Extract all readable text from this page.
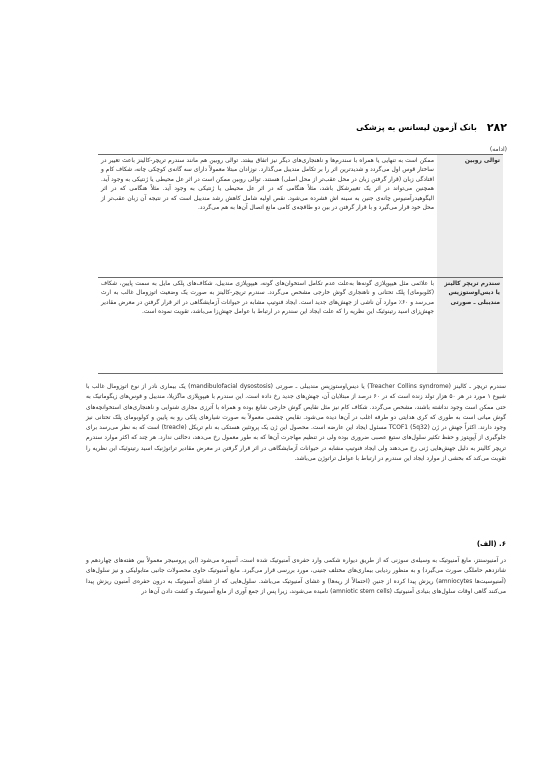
۲۸۲
بانک آزمون لیسانس به پزشکی
(ادامه)
توالی روبین	ممکن است به تنهایی یا همراه با سندرم‌ها و ناهنجاری‌های دیگر نیز اتفاق بیفتد. توالی روبین هم مانند سندرم تریچر-کالینز باعث تغییر در ساختار قوس اول می‌گردد و شدیدترین اثر را بر تکامل مندیبل می‌گذارد. نوزادان مبتلا معمولاً دارای سه گانه‌ی کوچکی چانه، شکاف کام و افتادگی زبان (قرار گرفتن زبان در محل عقب‌تر از محل اصلی) هستند. توالی روبین ممکن است در اثر عل محیطی یا ژنتیکی به وجود آید. همچنین می‌تواند در اثر یک تغییرشکل باشد، مثلاً هنگامی که در اثر عل محیطی یا ژنتیکی به وجود آید. مثلاً هنگامی که در اثر الیگوهیدرآمنیوس چانه‌ی جنین به سینه اش فشرده می‌شود. نقص اولیه شامل کاهش رشد مندیبل است که در نتیجه آن زبان عقب‌تر از محل خود قرار می‌گیرد و با قرار گرفتن در بین دو طاقچه‌ی کامی مانع اتصال آن‌ها به هم می‌گردد.
سندرم تریچر کالینز یا دیس‌اوستوزیس مندیبلی ـ صورتی	با علائمی مثل هیپوپلازی گونه‌ها به‌علت عدم تکامل استخوان‌های گونه، هیپوپلازی مندیبل، شکاف‌های پلکی مایل به سمت پایین، شکاف (کلوبومای) پلک تحتانی و ناهنجاری گوش خارجی مشخص می‌گردد. سندرم تریچر-کالینز به صورت یک وضعیت اتوزومال غالب به ارث می‌رسد و ۶۰٪ موارد آن ناشی از جهش‌های جدید است. ایجاد فنوتیپ مشابه در حیوانات آزمایشگاهی در اثر قرار گرفتن در معرض مقادیر جهش‌زای اسید رتینوئیک این نظریه را که علت ایجاد این سندرم در ارتباط با عوامل جهش‌زا می‌باشد، تقویت نموده است.
سندرم تریچر ـ کالینز (Treacher Collins syndrome) یا دیس‌اوستوزیس مندیبلی ـ صورتی (mandibulofacial dysostosis) یک بیماری نادر از نوع اتوزومال غالب با شیوع ۱ مورد در هر ۵۰ هزار تولد زنده است که در ۶۰ درصد از مبتلایان آن، جهش‌های جدید رخ داده است. این سندرم با هیپوپلازی ماگزیلا، مندیبل و قوس‌های زیگوماتیک به حتی ممکن است وجود نداشته باشند، مشخص می‌گردد. شکاف کام نیز مثل نقایص گوش خارجی شایع بوده و همراه با آترزی مجاری شنوایی و ناهنجاری‌های استخوانچه‌های گوش میانی است به طوری که کری هدایتی دو طرفه اغلب در آن‌ها دیده می‌شود. نقایص چشمی معمولاً به صورت شیارهای پلکی رو به پایین و کولوبومای پلک تحتانی نیز وجود دارند. اکثراً جهش در ژن TCOF1 (5q32) مسئول ایجاد این عارضه است. محصول این ژن یک پروتئین هستکی به نام تریکل (treacle) است که به نظر می‌رسد برای جلوگیری از آپوپتوز و حفظ تکثیر سلول‌های ستیغ عصبی ضروری بوده ولی در تنظیم مهاجرت آن‌ها که به طور معمول رخ می‌دهد، دخالتی ندارد. هر چند که اکثر موارد سندرم تریچر کالینز به دلیل جهش‌هایی ژنی رخ می‌دهند ولی ایجاد فنوتیپ مشابه در حیوانات آزمایشگاهی در اثر قرار گرفتن در معرض مقادیر تراتوژنیک اسید رتینوئیک این نظریه را تقویت می‌کند که بخشی از موارد ایجاد این سندرم در ارتباط با عوامل تراتوژن می‌باشد.
۶. (الف)
در آمنیوسنتز، مایع آمنیوتیک به وسیله‌ی سوزنی که از طریق دیواره شکمی وارد حفره‌ی آمنیوتیک شده است، آسپیره می‌شود (این پروسیجر معمولاً بین هفته‌های چهاردهم و شانزدهم حاملگی صورت می‌گیرد) و به منظور ردیابی بیماری‌های مختلف جنینی، مورد بررسی قرار می‌گیرد. مایع آمنیوتیک حاوی محصولات جانبی متابولیکی و نیز سلول‌های (آمنیوسیت‌ها amniocytes) ریزش پیدا کرده از جنین (احتمالاً از ریه‌ها) و غشای آمنیوتیک می‌باشد. سلول‌هایی که از غشای آمنیوتیک به درون حفره‌ی آمنیون ریزش پیدا می‌کنند گاهی اوقات سلول‌های بنیادی آمنیوتیک (amniotic stem cells) نامیده می‌شوند، زیرا پس از جمع آوری از مایع آمنیوتیک و کشت دادن آن‌ها در
